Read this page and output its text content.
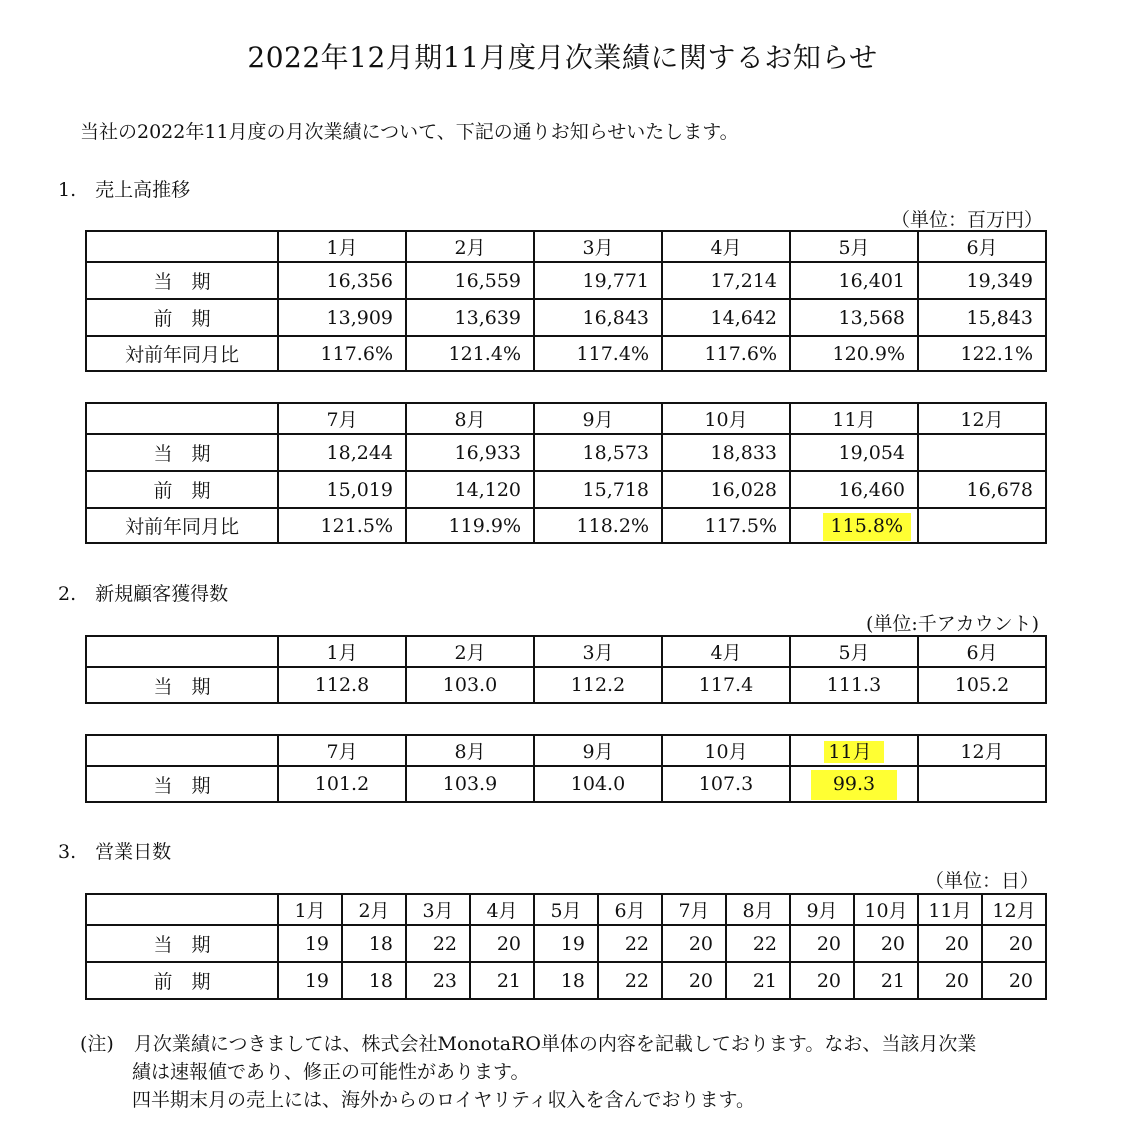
2022年12月期11月度月次業績に関するお知らせ
当社の2022年11月度の月次業績について、下記の通りお知らせいたします。
1.　売上高推移
（単位：百万円）
	1月	2月	3月	4月	5月	6月
当　期	16,356	16,559	19,771	17,214	16,401	19,349
前　期	13,909	13,639	16,843	14,642	13,568	15,843
対前年同月比	117.6%	121.4%	117.4%	117.6%	120.9%	122.1%
	7月	8月	9月	10月	11月	12月
当　期	18,244	16,933	18,573	18,833	19,054	
前　期	15,019	14,120	15,718	16,028	16,460	16,678
対前年同月比	121.5%	119.9%	118.2%	117.5%	115.8%	
2.　新規顧客獲得数
(単位:千アカウント)
	1月	2月	3月	4月	5月	6月
当　期	112.8	103.0	112.2	117.4	111.3	105.2
	7月	8月	9月	10月	11月	12月
当　期	101.2	103.9	104.0	107.3	99.3	
3.　営業日数
（単位：日）
	1月	2月	3月	4月	5月	6月	7月	8月	9月	10月	11月	12月
当　期	19	18	22	20	19	22	20	22	20	20	20	20
前　期	19	18	23	21	18	22	20	21	20	21	20	20
(注) 月次業績につきましては、株式会社MonotaRO単体の内容を記載しております。なお、当該月次業
績は速報値であり、修正の可能性があります。
四半期末月の売上には、海外からのロイヤリティ収入を含んでおります。
